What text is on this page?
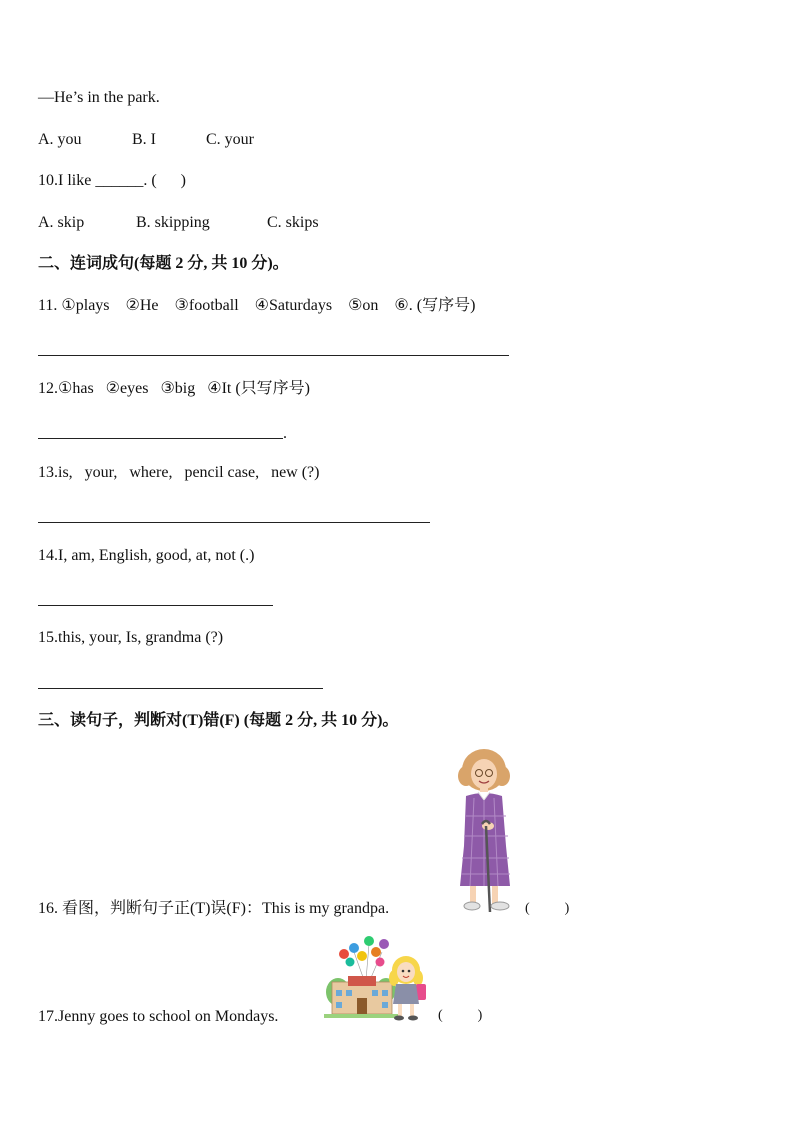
—He’s in the park.
A. you	B. I	C. your
10.I like ______. (      )
A. skip	B. skipping	C. skips
二、连词成句(每题 2 分, 共 10 分)。
11. ①plays    ②He    ③football    ④Saturdays    ⑤on    ⑥. (写序号)
12.①has   ②eyes   ③big   ④It (只写序号)
.
13.is,   your,   where,   pencil case,   new (?)
14.I, am, English, good, at, not (.)
15.this, your, Is, grandma (?)
三、读句子，判断对(T)错(F) (每题 2 分, 共 10 分)。
16. 看图，判断句子正(T)误(F)：This is my grandpa.	(          )
17.Jenny goes to school on Mondays.	(          )
